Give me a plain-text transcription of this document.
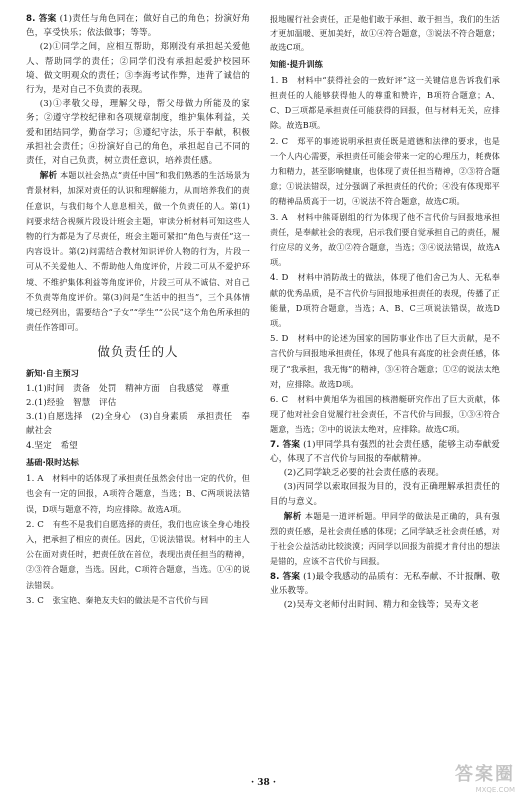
8. 答案 (1)责任与角色同在；做好自己的角色；扮演好角色，享受快乐；依法做事；等等。

(2)①同学之间，应相互帮助，郑刚没有承担起关爱他人、帮助同学的责任；②同学们没有承担起爱护校园环境、做文明观众的责任；③李海考试作弊，违背了诚信的行为，是对自己不负责的表现。

(3)①孝敬父母，理解父母，帮父母做力所能及的家务；②遵守学校纪律和各项规章制度，维护集体利益，关爱和团结同学，勤奋学习；③遵纪守法，乐于奉献，积极承担社会责任；④扮演好自己的角色，承担起自己不同的责任，对自己负责，树立责任意识，培养责任感。

解析 本题以社会热点“责任中国”和我们熟悉的生活场景为背景材料，加深对责任的认识和理解能力，从而培养我们的责任意识，与我们每个人息息相关，做一个负责任的人。第(1)问要求结合视频片段设计班会主题，审读分析材料可知这些人物的行为都是为了尽责任，班会主题可紧扣“角色与责任”这一内容设计。第(2)问需结合教材知识评价人物的行为，片段一可从不关爱他人、不帮助他人角度评价，片段二可从不爱护环境、不维护集体利益等角度评价，片段三可从不诚信、对自己不负责等角度评价。第(3)问是“生活中的担当”，三个具体情境已经列出，需要结合“子女”“学生”“公民”这个角色所承担的责任作答即可。

做负责任的人

新知·自主预习

1.(1)时间　责备　处罚　精神方面　自我感觉　尊重

2.(1)经验　智慧　评估

3.(1)自愿选择　(2)全身心　(3)自身素质　承担责任　奉献社会

4.坚定　希望

基础·限时达标

1. A　 材料中的话体现了承担责任虽然会付出一定的代价，但也会有一定的回报，A项符合题意，当选；B、C两项说法错误，D项与题意不符，均应排除。故选A项。

2. C　 有些不是我们自愿选择的责任，我们也应该全身心地投入，把承担了相应的责任。因此，①说法错误。材料中的主人公在面对责任时，把责任放在首位，表现出责任担当的精神，②③符合题意，当选。因此，C项符合题意，当选。①④的说法错误。

3. C　 张宝艳、秦艳友夫妇的做法是不言代价与回

报地履行社会责任，正是他们敢于承担、敢于担当，我们的生活才更加温暖、更加美好，故①④符合题意，③说法不符合题意；故选C项。

知能·提升训练

1. B　 材料中“获得社会的一致好评”这一关键信息告诉我们承担责任的人能够获得他人的尊重和赞许，B项符合题意；A、C、D三项都是承担责任可能获得的回报，但与材料无关，应排除。故选B项。

2. C　 郑平的事迹说明承担责任既是道德和法律的要求，也是一个人内心需要，承担责任可能会带来一定的心理压力，耗费体力和精力，甚至影响健康，也体现了责任担当精神，②③符合题意；①说法错误，过分强调了承担责任的代价；④没有体现郑平的精神品质高于一切，④说法不符合题意，故选C项。

3. A　 材料中熊哥剧组的行为体现了他不言代价与回报地承担责任，是奉献社会的表现，启示我们要自觉承担自己的责任，履行应尽的义务，故①②符合题意，当选；③④说法错误，故选A项。

4. D　 材料中消防战士的做法，体现了他们舍己为人、无私奉献的优秀品质，是不言代价与回报地承担责任的表现，传播了正能量，D项符合题意，当选；A、B、C三项说法错误，故选D项。

5. D　 材料中的论述为国家的国防事业作出了巨大贡献，是不言代价与回报地承担责任，体现了他具有高度的社会责任感，体现了“我承担，我无悔”的精神，③④符合题意；①②的说法太绝对，应排除。故选D项。

6. C　 材料中黄旭华为祖国的核潜艇研究作出了巨大贡献，体现了他对社会自觉履行社会责任，不言代价与回报，①③④符合题意，当选；②中的说法太绝对，应排除。故选C项。

7. 答案 (1)甲同学具有强烈的社会责任感，能够主动奉献爱心，体现了不言代价与回报的奉献精神。

(2)乙同学缺乏必要的社会责任感的表现。

(3)丙同学以索取回报为目的，没有正确理解承担责任的目的与意义。

解析 本题是一道评析题。甲同学的做法是正确的，具有强烈的责任感，是社会责任感的体现；乙同学缺乏社会责任感，对于社会公益活动比较淡漠；丙同学以回报为前提才肯付出的想法是错的，应该不言代价与回报。

8. 答案 (1)最令我感动的品质有：无私奉献、不计报酬、敬业乐教等。

(2)吴寿文老师付出时间、精力和金钱等；吴寿文老

· 38 ·	答案圈
MXQE.COM
